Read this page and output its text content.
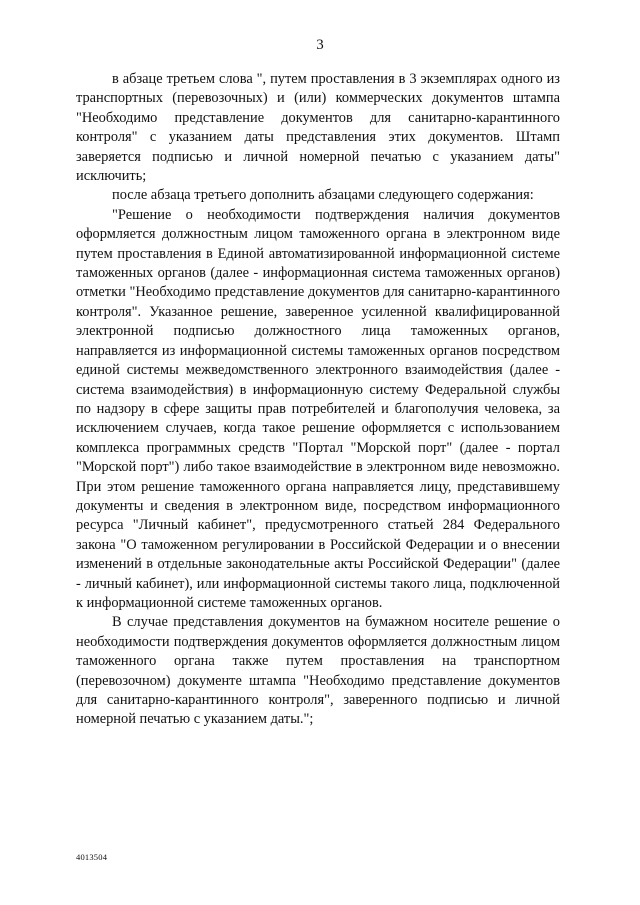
3

в абзаце третьем слова ", путем проставления в 3 экземплярах одного из транспортных (перевозочных) и (или) коммерческих документов штампа "Необходимо представление документов для санитарно-карантинного контроля" с указанием даты представления этих документов. Штамп заверяется подписью и личной номерной печатью с указанием даты" исключить;

после абзаца третьего дополнить абзацами следующего содержания:

"Решение о необходимости подтверждения наличия документов оформляется должностным лицом таможенного органа в электронном виде путем проставления в Единой автоматизированной информационной системе таможенных органов (далее - информационная система таможенных органов) отметки "Необходимо представление документов для санитарно-карантинного контроля". Указанное решение, заверенное усиленной квалифицированной электронной подписью должностного лица таможенных органов, направляется из информационной системы таможенных органов посредством единой системы межведомственного электронного взаимодействия (далее - система взаимодействия) в информационную систему Федеральной службы по надзору в сфере защиты прав потребителей и благополучия человека, за исключением случаев, когда такое решение оформляется с использованием комплекса программных средств "Портал "Морской порт" (далее - портал "Морской порт") либо такое взаимодействие в электронном виде невозможно. При этом решение таможенного органа направляется лицу, представившему документы и сведения в электронном виде, посредством информационного ресурса "Личный кабинет", предусмотренного статьей 284 Федерального закона "О таможенном регулировании в Российской Федерации и о внесении изменений в отдельные законодательные акты Российской Федерации" (далее - личный кабинет), или информационной системы такого лица, подключенной к информационной системе таможенных органов.

В случае представления документов на бумажном носителе решение о необходимости подтверждения документов оформляется должностным лицом таможенного органа также путем проставления на транспортном (перевозочном) документе штампа "Необходимо представление документов для санитарно-карантинного контроля", заверенного подписью и личной номерной печатью с указанием даты.";

4013504
